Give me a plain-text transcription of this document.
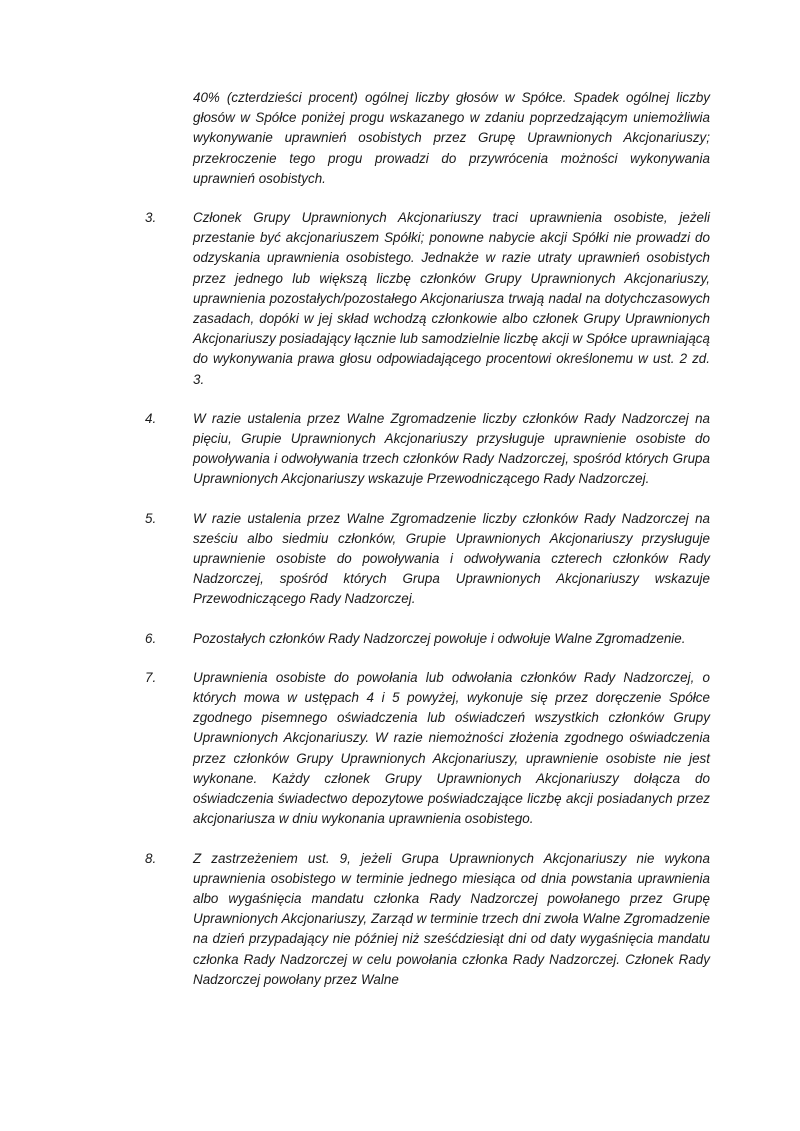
40% (czterdzieści procent) ogólnej liczby głosów w Spółce. Spadek ogólnej liczby głosów w Spółce poniżej progu wskazanego w zdaniu poprzedzającym uniemożliwia wykonywanie uprawnień osobistych przez Grupę Uprawnionych Akcjonariuszy; przekroczenie tego progu prowadzi do przywrócenia możności wykonywania uprawnień osobistych.

3.	Członek Grupy Uprawnionych Akcjonariuszy traci uprawnienia osobiste, jeżeli przestanie być akcjonariuszem Spółki; ponowne nabycie akcji Spółki nie prowadzi do odzyskania uprawnienia osobistego. Jednakże w razie utraty uprawnień osobistych przez jednego lub większą liczbę członków Grupy Uprawnionych Akcjonariuszy, uprawnienia pozostałych/pozostałego Akcjonariusza trwają nadal na dotychczasowych zasadach, dopóki w jej skład wchodzą członkowie albo członek Grupy Uprawnionych Akcjonariuszy posiadający łącznie lub samodzielnie liczbę akcji w Spółce uprawniającą do wykonywania prawa głosu odpowiadającego procentowi określonemu w ust. 2 zd. 3.
4.	W razie ustalenia przez Walne Zgromadzenie liczby członków Rady Nadzorczej na pięciu, Grupie Uprawnionych Akcjonariuszy przysługuje uprawnienie osobiste do powoływania i odwoływania trzech członków Rady Nadzorczej, spośród których Grupa Uprawnionych Akcjonariuszy wskazuje Przewodniczącego Rady Nadzorczej.
5.	W razie ustalenia przez Walne Zgromadzenie liczby członków Rady Nadzorczej na sześciu albo siedmiu członków, Grupie Uprawnionych Akcjonariuszy przysługuje uprawnienie osobiste do powoływania i odwoływania czterech członków Rady Nadzorczej, spośród których Grupa Uprawnionych Akcjonariuszy wskazuje Przewodniczącego Rady Nadzorczej.
6.	Pozostałych członków Rady Nadzorczej powołuje i odwołuje Walne Zgromadzenie.
7.	Uprawnienia osobiste do powołania lub odwołania członków Rady Nadzorczej, o których mowa w ustępach 4 i 5 powyżej, wykonuje się przez doręczenie Spółce zgodnego pisemnego oświadczenia lub oświadczeń wszystkich członków Grupy Uprawnionych Akcjonariuszy. W razie niemożności złożenia zgodnego oświadczenia przez członków Grupy Uprawnionych Akcjonariuszy, uprawnienie osobiste nie jest wykonane. Każdy członek Grupy Uprawnionych Akcjonariuszy dołącza do oświadczenia świadectwo depozytowe poświadczające liczbę akcji posiadanych przez akcjonariusza w dniu wykonania uprawnienia osobistego.
8.	Z zastrzeżeniem ust. 9, jeżeli Grupa Uprawnionych Akcjonariuszy nie wykona uprawnienia osobistego w terminie jednego miesiąca od dnia powstania uprawnienia albo wygaśnięcia mandatu członka Rady Nadzorczej powołanego przez Grupę Uprawnionych Akcjonariuszy, Zarząd w terminie trzech dni zwoła Walne Zgromadzenie na dzień przypadający nie później niż sześćdziesiąt dni od daty wygaśnięcia mandatu członka Rady Nadzorczej w celu powołania członka Rady Nadzorczej. Członek Rady Nadzorczej powołany przez Walne
